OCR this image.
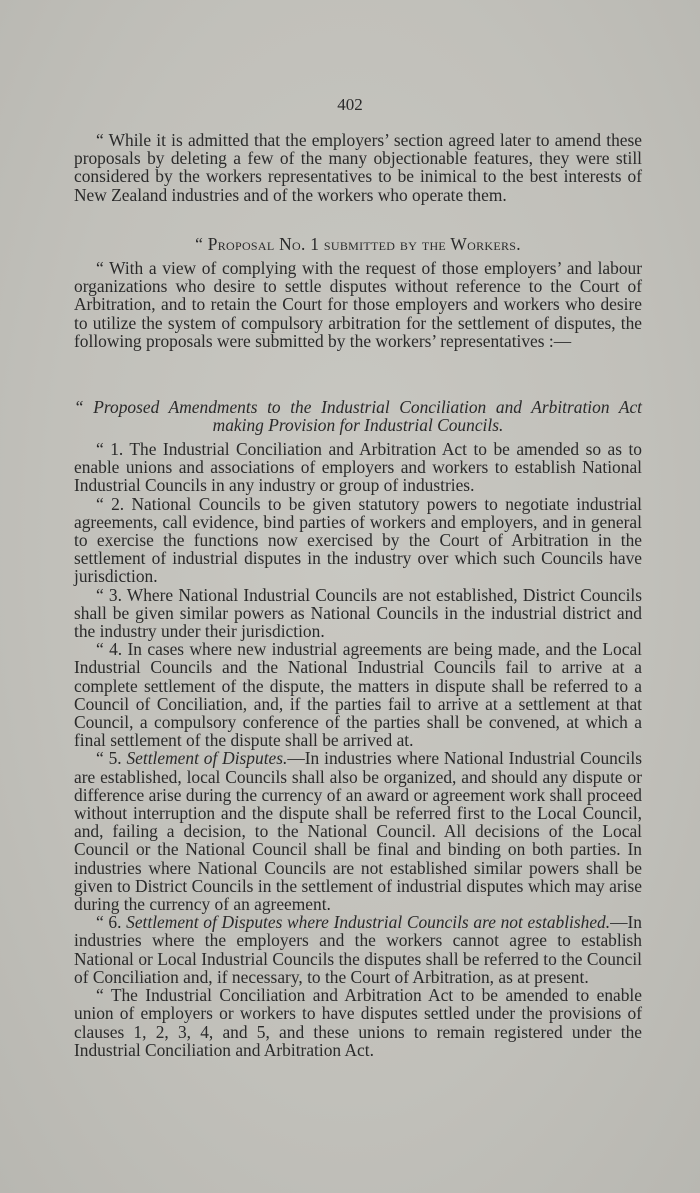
402

“ While it is admitted that the employers’ section agreed later to amend these proposals by deleting a few of the many objectionable features, they were still considered by the workers representatives to be inimical to the best interests of New Zealand industries and of the workers who operate them.

“ Proposal No. 1 submitted by the Workers.

“ With a view of complying with the request of those employers’ and labour organizations who desire to settle disputes without reference to the Court of Arbitration, and to retain the Court for those employers and workers who desire to utilize the system of compulsory arbitration for the settlement of disputes, the following proposals were submitted by the workers’ representatives :—

“ Proposed Amendments to the Industrial Conciliation and Arbitration Act
making Provision for Industrial Councils.

“ 1. The Industrial Conciliation and Arbitration Act to be amended so as to enable unions and associations of employers and workers to establish National Industrial Councils in any industry or group of industries.

“ 2. National Councils to be given statutory powers to negotiate industrial agreements, call evidence, bind parties of workers and employers, and in general to exercise the functions now exercised by the Court of Arbitration in the settlement of industrial disputes in the industry over which such Councils have jurisdiction.

“ 3. Where National Industrial Councils are not established, District Councils shall be given similar powers as National Councils in the industrial district and the industry under their jurisdiction.

“ 4. In cases where new industrial agreements are being made, and the Local Industrial Councils and the National Industrial Councils fail to arrive at a complete settlement of the dispute, the matters in dispute shall be referred to a Council of Conciliation, and, if the parties fail to arrive at a settlement at that Council, a compulsory conference of the parties shall be convened, at which a final settlement of the dispute shall be arrived at.

“ 5. Settlement of Disputes.—In industries where National Industrial Councils are established, local Councils shall also be organized, and should any dispute or difference arise during the currency of an award or agreement work shall proceed without interruption and the dispute shall be referred first to the Local Council, and, failing a decision, to the National Council. All decisions of the Local Council or the National Council shall be final and binding on both parties. In industries where National Councils are not established similar powers shall be given to District Councils in the settlement of industrial disputes which may arise during the currency of an agreement.

“ 6. Settlement of Disputes where Industrial Councils are not established.—In industries where the employers and the workers cannot agree to establish National or Local Industrial Councils the disputes shall be referred to the Council of Conciliation and, if necessary, to the Court of Arbitration, as at present.

“ The Industrial Conciliation and Arbitration Act to be amended to enable union of employers or workers to have disputes settled under the provisions of clauses 1, 2, 3, 4, and 5, and these unions to remain registered under the Industrial Conciliation and Arbitration Act.
